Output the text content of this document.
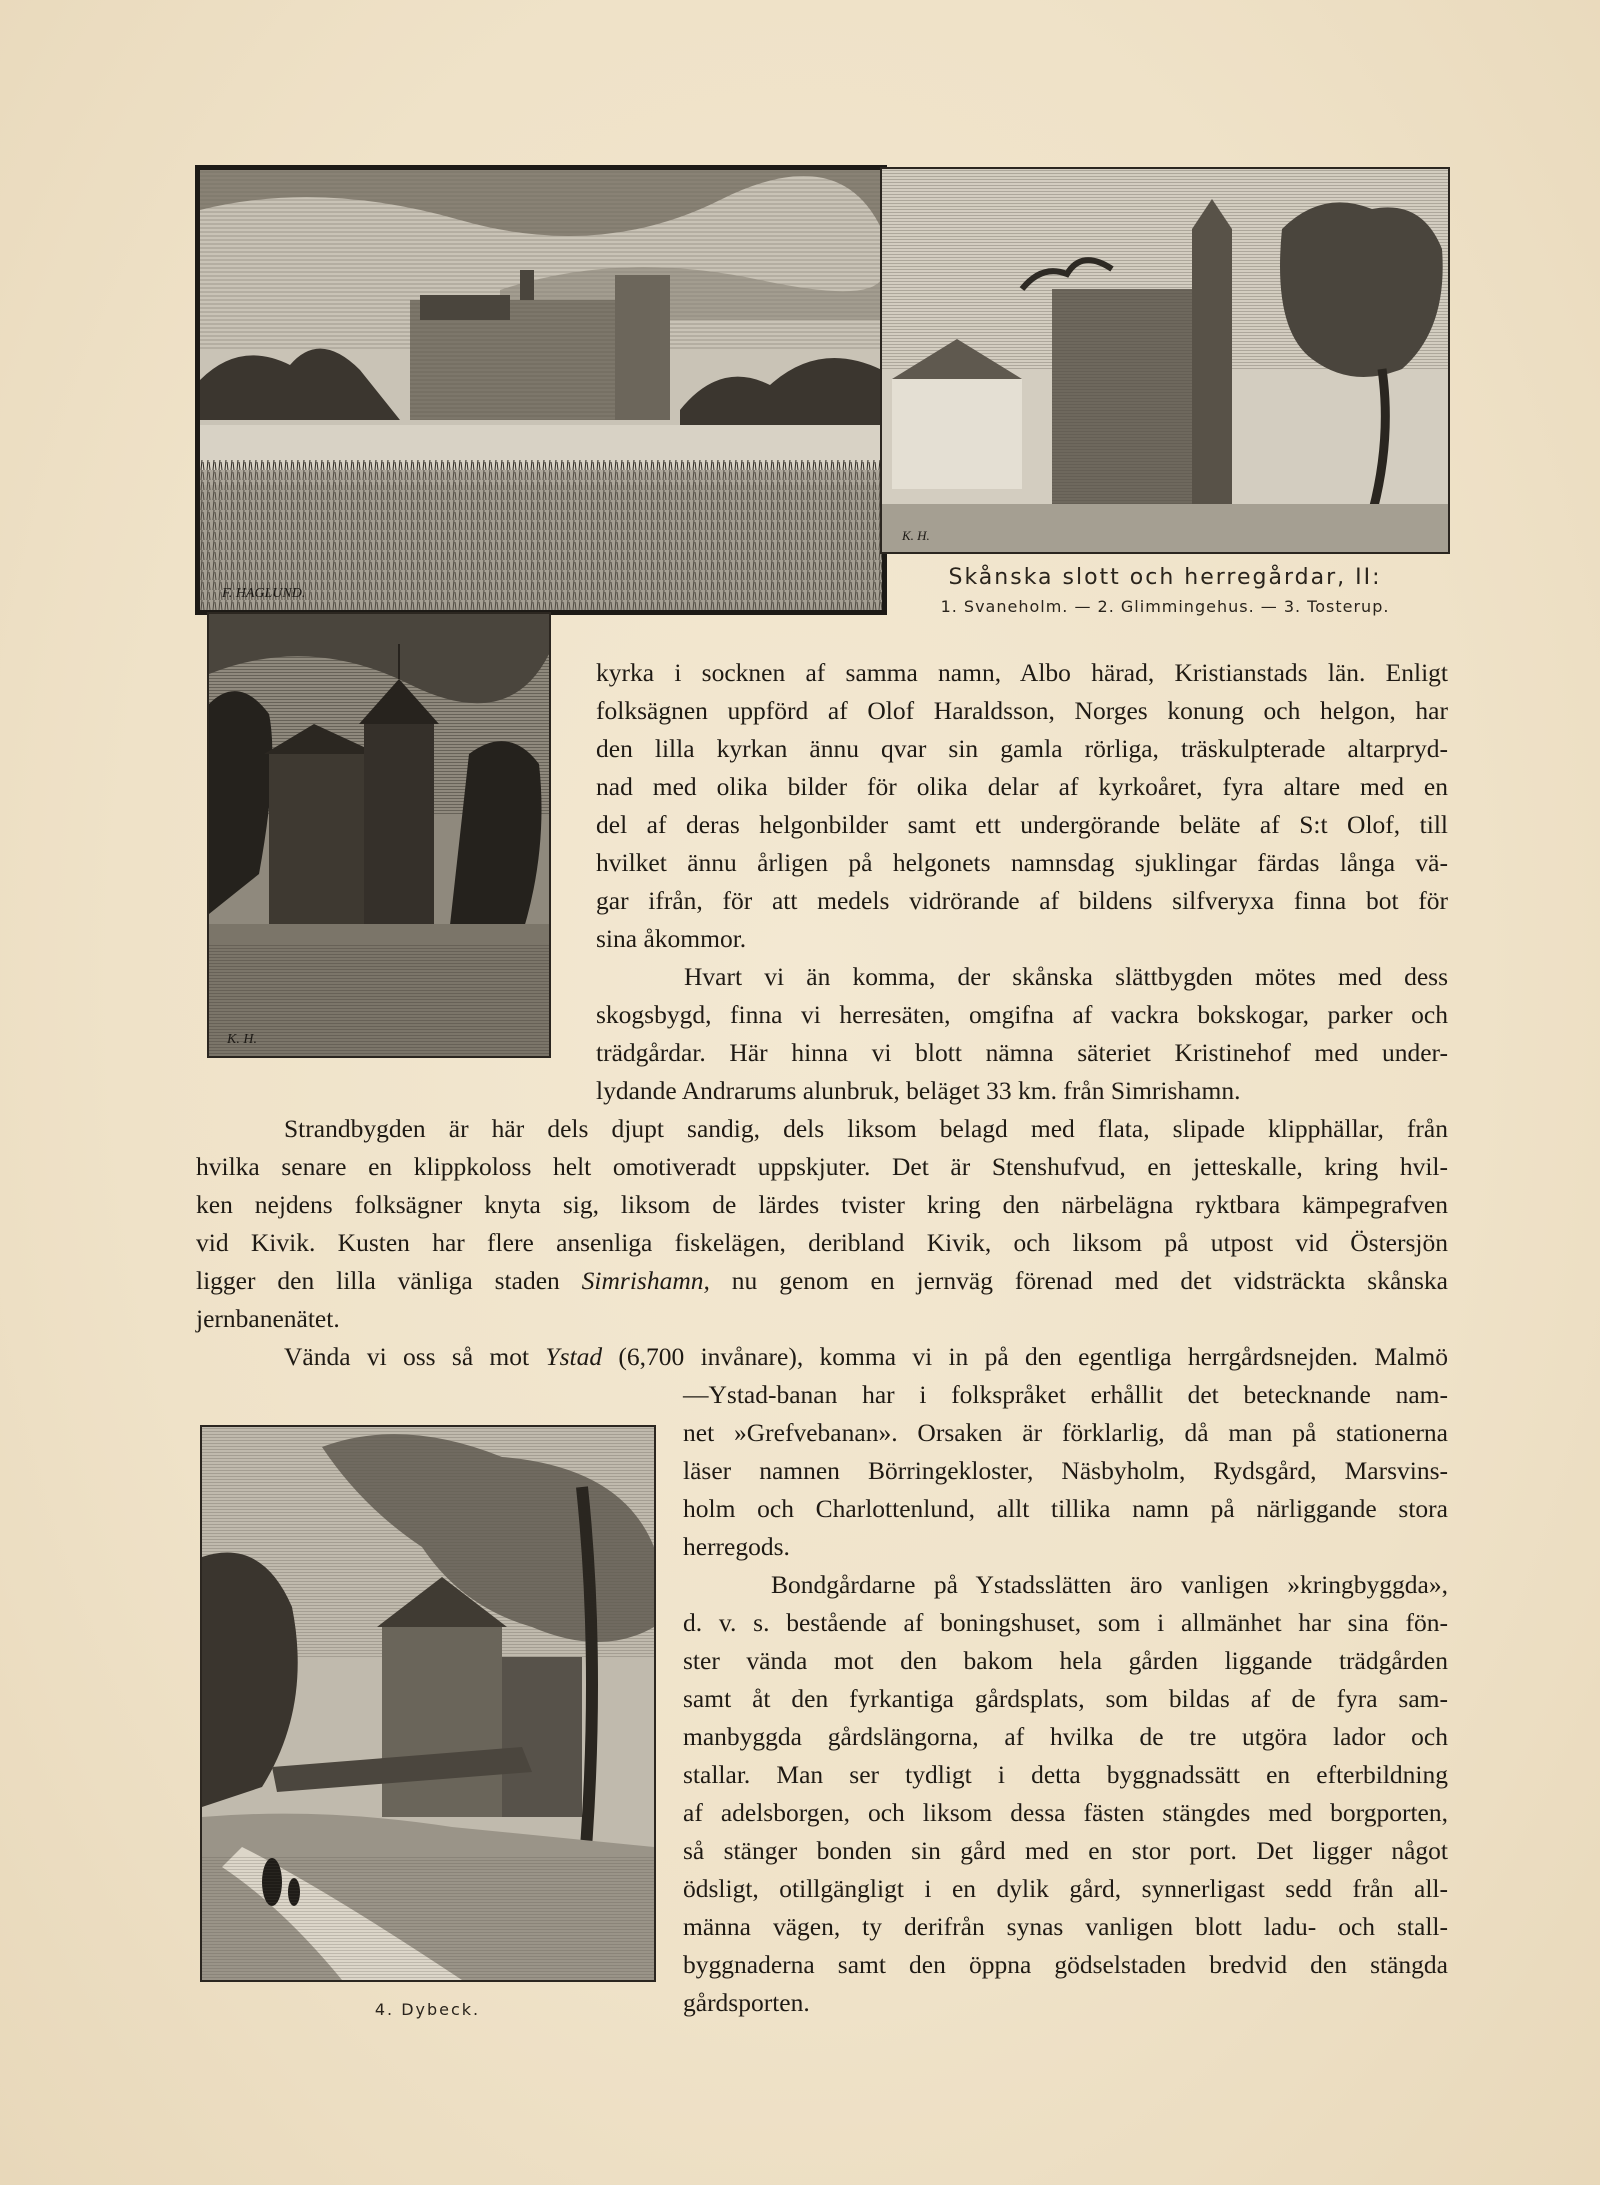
F. HAGLUND.
K. H.
Skånska slott och herregårdar, II:
1. Svaneholm. — 2. Glimmingehus. — 3. Tosterup.
K. H.
4. Dybeck.
kyrka i socknen af samma namn, Albo härad, Kristianstads län. Enligt
folksägnen uppförd af Olof Haraldsson, Norges konung och helgon, har
den lilla kyrkan ännu qvar sin gamla rörliga, träskulpterade altarpryd-
nad med olika bilder för olika delar af kyrkoåret, fyra altare med en
del af deras helgonbilder samt ett undergörande beläte af S:t Olof, till
hvilket ännu årligen på helgonets namnsdag sjuklingar färdas långa vä-
gar ifrån, för att medels vidrörande af bildens silfveryxa finna bot för
sina åkommor.
Hvart vi än komma, der skånska slättbygden mötes med dess
skogsbygd, finna vi herresäten, omgifna af vackra bokskogar, parker och
trädgårdar. Här hinna vi blott nämna säteriet Kristinehof med under-
lydande Andrarums alunbruk, beläget 33 km. från Simrishamn.
Strandbygden är här dels djupt sandig, dels liksom belagd med flata, slipade klipphällar, från
hvilka senare en klippkoloss helt omotiveradt uppskjuter. Det är Stenshufvud, en jetteskalle, kring hvil-
ken nejdens folksägner knyta sig, liksom de lärdes tvister kring den närbelägna ryktbara kämpegrafven
vid Kivik. Kusten har flere ansenliga fiskelägen, deribland Kivik, och liksom på utpost vid Östersjön
ligger den lilla vänliga staden Simrishamn, nu genom en jernväg förenad med det vidsträckta skånska
jernbanenätet.
Vända vi oss så mot Ystad (6,700 invånare), komma vi in på den egentliga herrgårdsnejden. Malmö
—Ystad-banan har i folkspråket erhållit det betecknande nam-
net »Grefvebanan». Orsaken är förklarlig, då man på stationerna
läser namnen Börringekloster, Näsbyholm, Rydsgård, Marsvins-
holm och Charlottenlund, allt tillika namn på närliggande stora
herregods.
Bondgårdarne på Ystadsslätten äro vanligen »kringbyggda»,
d. v. s. bestående af boningshuset, som i allmänhet har sina fön-
ster vända mot den bakom hela gården liggande trädgården
samt åt den fyrkantiga gårdsplats, som bildas af de fyra sam-
manbyggda gårdslängorna, af hvilka de tre utgöra lador och
stallar. Man ser tydligt i detta byggnadssätt en efterbildning
af adelsborgen, och liksom dessa fästen stängdes med borgporten,
så stänger bonden sin gård med en stor port. Det ligger något
ödsligt, otillgängligt i en dylik gård, synnerligast sedd från all-
männa vägen, ty derifrån synas vanligen blott ladu- och stall-
byggnaderna samt den öppna gödselstaden bredvid den stängda
gårdsporten.
